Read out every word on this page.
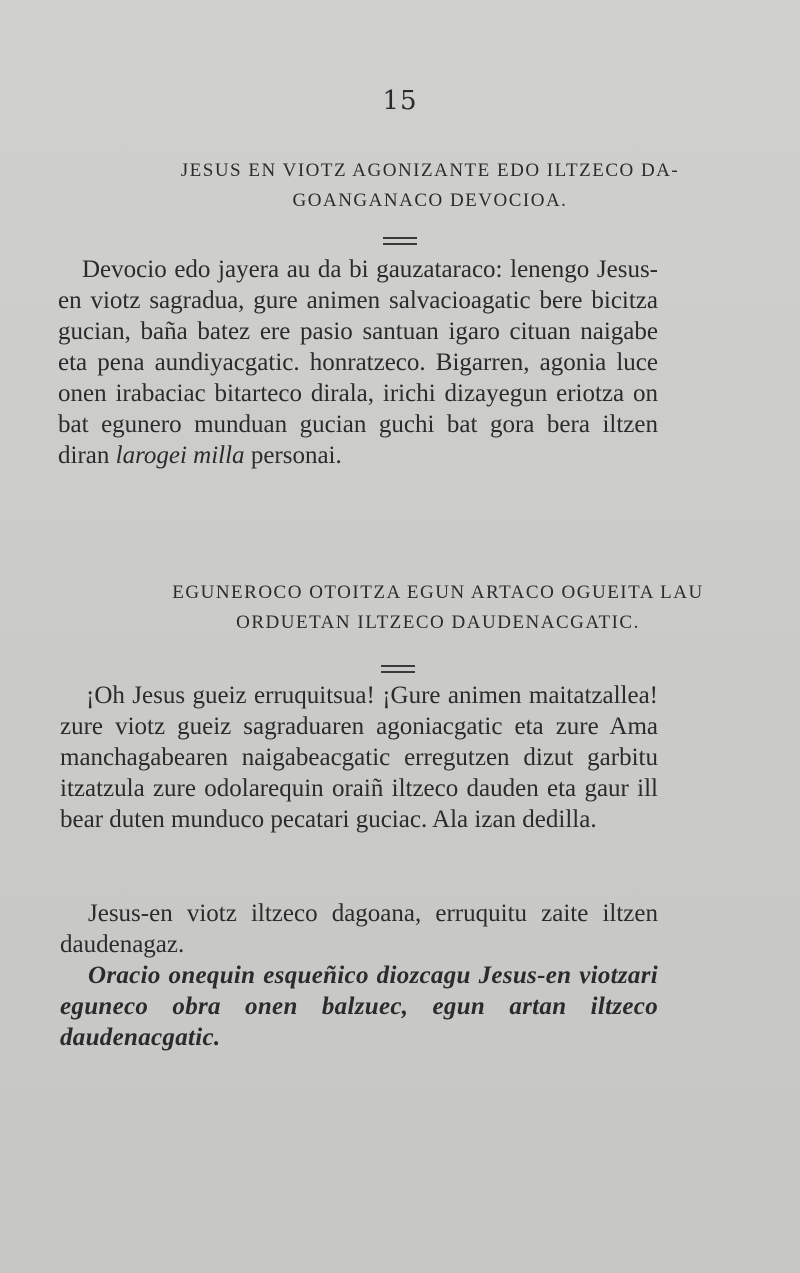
15
JESUS EN VIOTZ AGONIZANTE EDO ILTZECO DA-
GOANGANACO DEVOCIOA.

Devocio edo jayera au da bi gauzataraco: lenengo Jesus-en viotz sagradua, gure animen salvacioagatic bere bicitza gucian, baña batez ere pasio santuan igaro cituan naigabe eta pena aundiyacgatic. honratzeco. Bigarren, agonia luce onen irabaciac bitarteco dirala, irichi dizayegun eriotza on bat egunero munduan gucian guchi bat gora bera iltzen diran larogei milla personai.

EGUNEROCO OTOITZA EGUN ARTACO OGUEITA LAU
ORDUETAN ILTZECO DAUDENACGATIC.

¡Oh Jesus gueiz erruquitsua! ¡Gure animen maitatzallea! zure viotz gueiz sagraduaren agoniacgatic eta zure Ama manchagabearen naigabeacgatic erregutzen dizut garbitu itzatzula zure odolarequin oraiñ iltzeco dauden eta gaur ill bear duten munduco pecatari guciac. Ala izan dedilla.

Jesus-en viotz iltzeco dagoana, erruquitu zaite iltzen daudenagaz.

Oracio onequin esqueñico diozcagu Jesus-en viotzari eguneco obra onen balzuec, egun artan iltzeco daudenacgatic.
